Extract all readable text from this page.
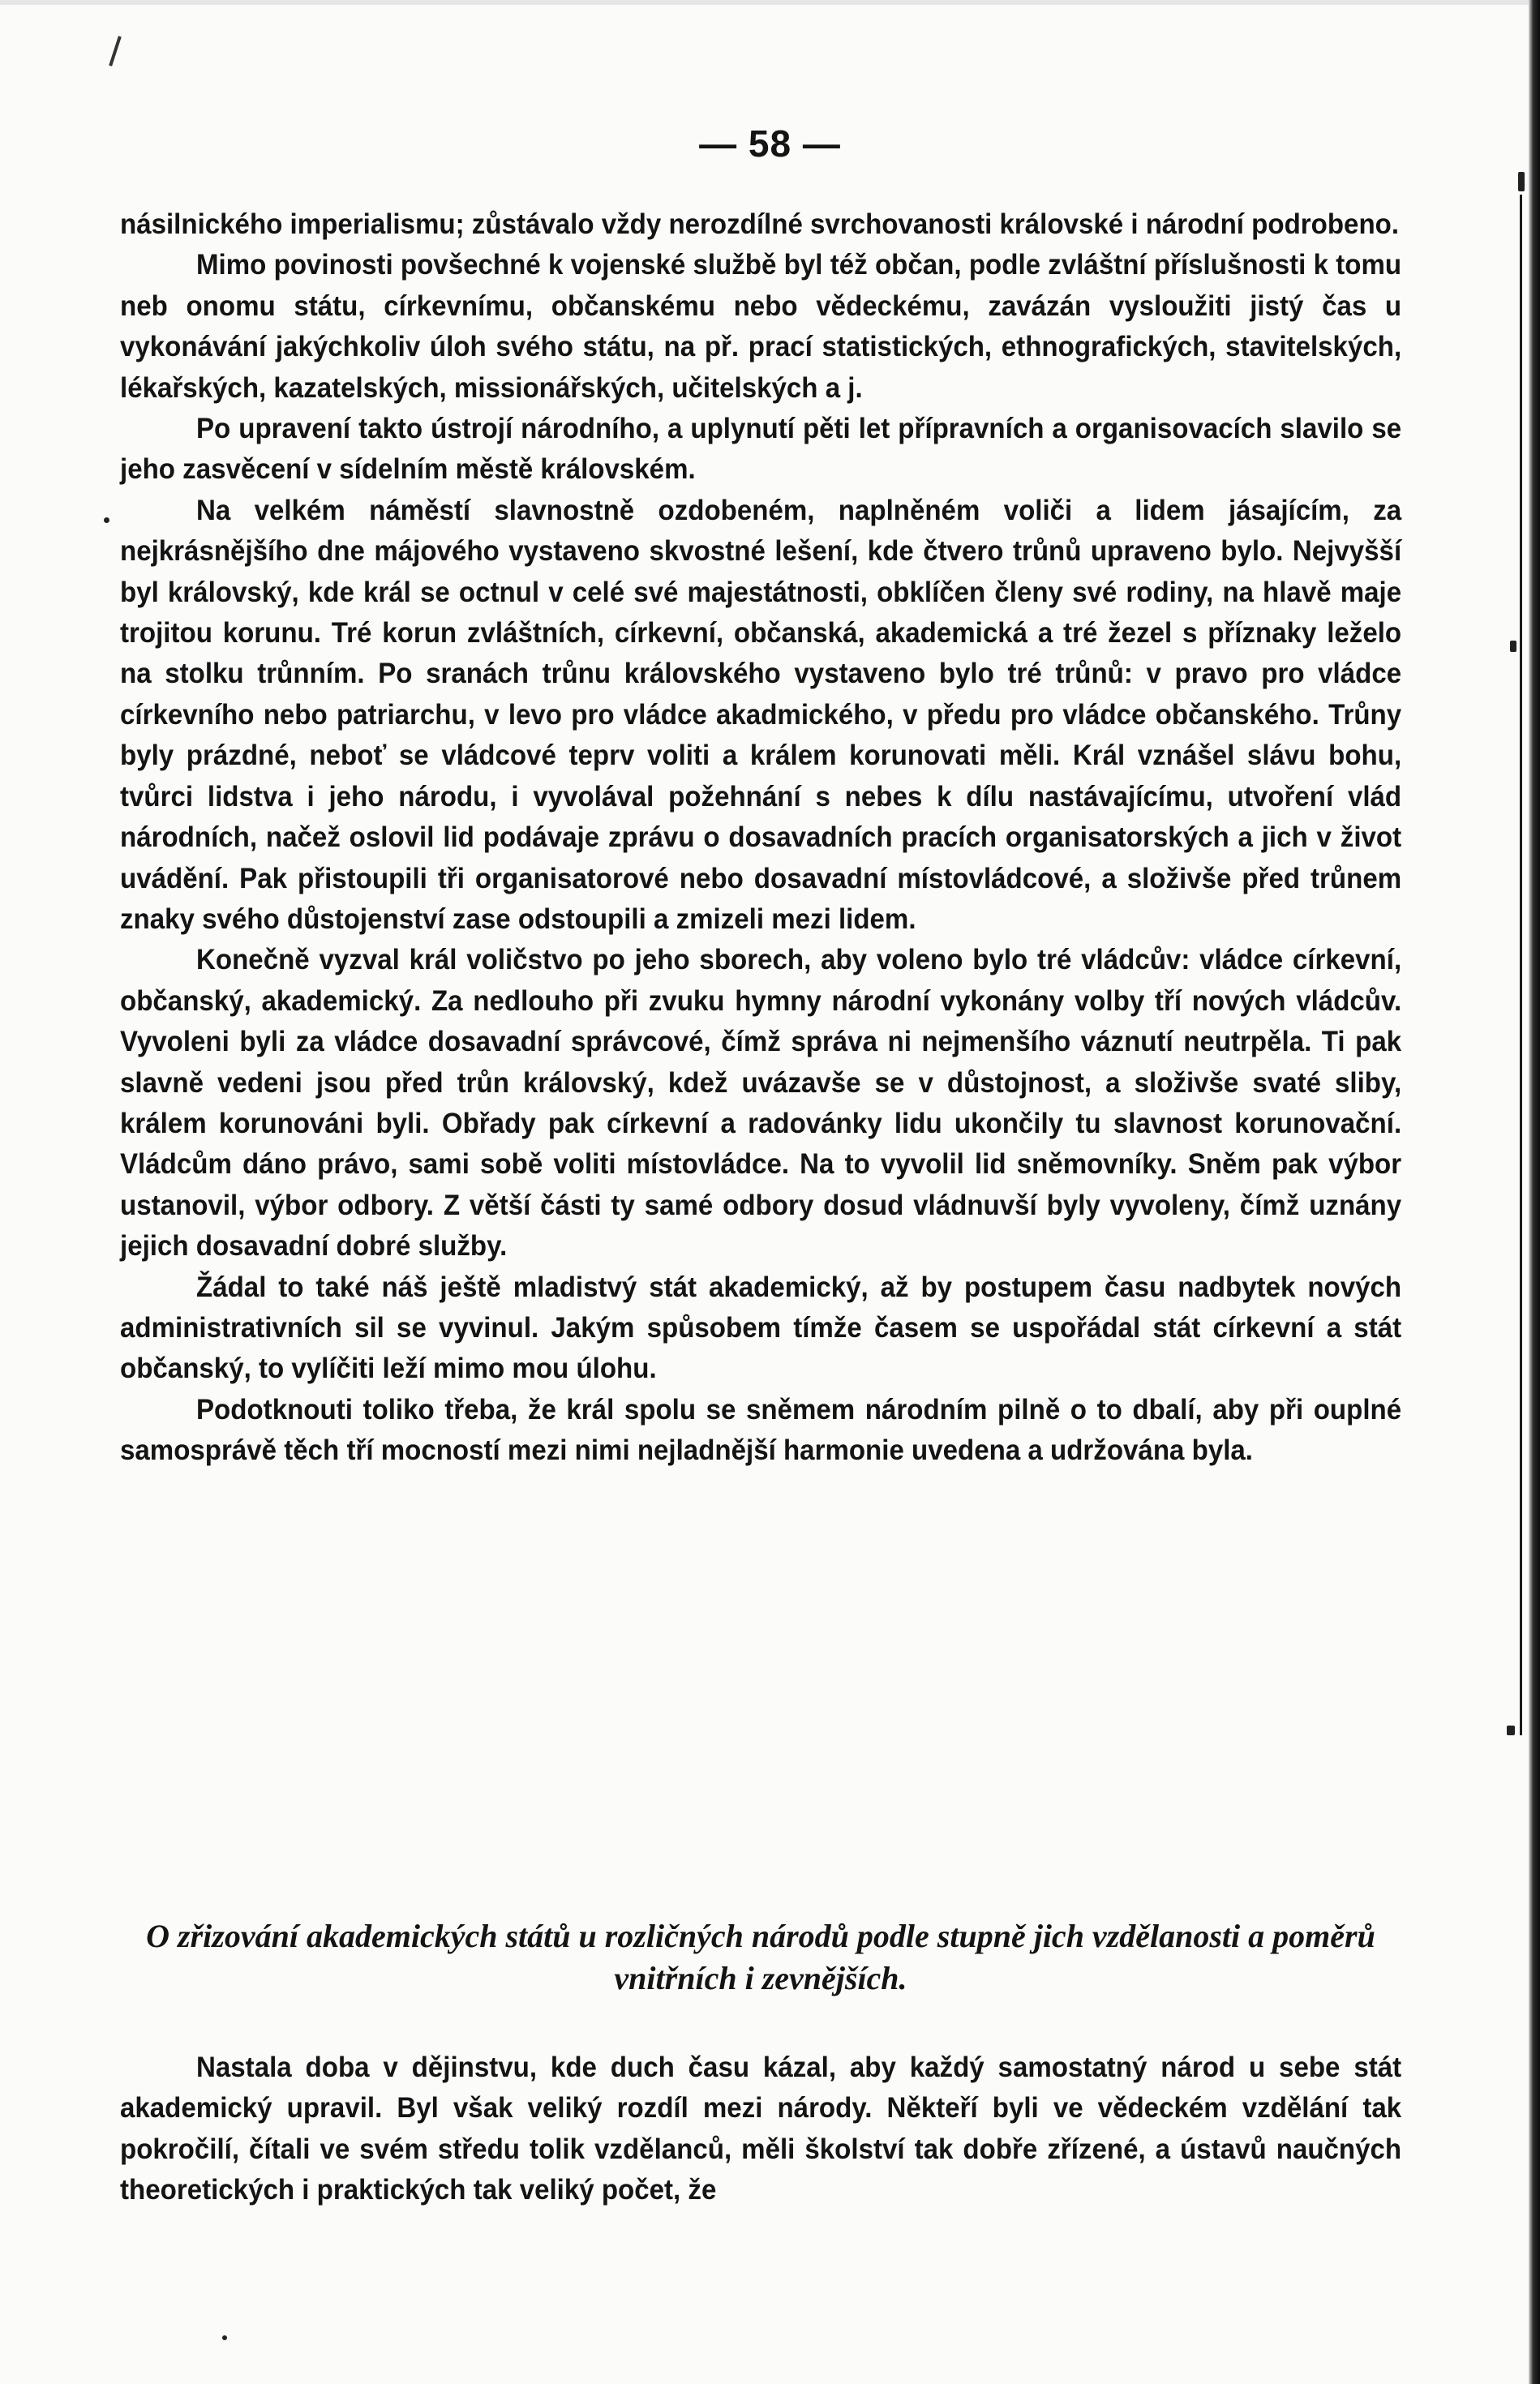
— 58 —

násilnického imperialismu; zůstávalo vždy nerozdílné svrchovanosti královské i národní podrobeno.

Mimo povinosti povšechné k vojenské službě byl též občan, podle zvláštní příslušnosti k tomu neb onomu státu, církevnímu, občanskému nebo vědeckému, zavázán vysloužiti jistý čas u vykonávání jakýchkoliv úloh svého státu, na př. prací statistických, ethnografických, stavitelských, lékařských, kazatelských, missionářských, učitelských a j.

Po upravení takto ústrojí národního, a uplynutí pěti let přípravních a organisovacích slavilo se jeho zasvěcení v sídelním městě královském.

Na velkém náměstí slavnostně ozdobeném, naplněném voliči a lidem jásajícím, za nejkrásnějšího dne májového vystaveno skvostné lešení, kde čtvero trůnů upraveno bylo. Nejvyšší byl královský, kde král se octnul v celé své majestátnosti, obklíčen členy své rodiny, na hlavě maje trojitou korunu. Tré korun zvláštních, církevní, občanská, akademická a tré žezel s příznaky leželo na stolku trůnním. Po sranách trůnu královského vystaveno bylo tré trůnů: v pravo pro vládce církevního nebo patriarchu, v levo pro vládce akadmického, v předu pro vládce občanského. Trůny byly prázdné, neboť se vládcové teprv voliti a králem korunovati měli. Král vznášel slávu bohu, tvůrci lidstva i jeho národu, i vyvolával požehnání s nebes k dílu nastávajícímu, utvoření vlád národních, načež oslovil lid podávaje zprávu o dosavadních pracích organisatorských a jich v život uvádění. Pak přistoupili tři organisatorové nebo dosavadní místovládcové, a složivše před trůnem znaky svého důstojenství zase odstoupili a zmizeli mezi lidem.

Konečně vyzval král voličstvo po jeho sborech, aby voleno bylo tré vládcův: vládce církevní, občanský, akademický. Za nedlouho při zvuku hymny národní vykonány volby tří nových vládcův. Vyvoleni byli za vládce dosavadní správcové, čímž správa ni nejmenšího váznutí neutrpěla. Ti pak slavně vedeni jsou před trůn královský, kdež uvázavše se v důstojnost, a složivše svaté sliby, králem korunováni byli. Obřady pak církevní a radovánky lidu ukončily tu slavnost korunovační. Vládcům dáno právo, sami sobě voliti místovládce. Na to vyvolil lid sněmovníky. Sněm pak výbor ustanovil, výbor odbory. Z větší části ty samé odbory dosud vládnuvší byly vyvoleny, čímž uznány jejich dosavadní dobré služby.

Žádal to také náš ještě mladistvý stát akademický, až by postupem času nadbytek nových administrativních sil se vyvinul. Jakým spůsobem tímže časem se uspořádal stát církevní a stát občanský, to vylíčiti leží mimo mou úlohu.

Podotknouti toliko třeba, že král spolu se sněmem národním pilně o to dbalí, aby při ouplné samosprávě těch tří mocností mezi nimi nejladnější harmonie uvedena a udržována byla.

O zřizování akademických států u rozličných národů podle stupně jich vzdělanosti a poměrů vnitřních i zevnějších.

Nastala doba v dějinstvu, kde duch času kázal, aby každý samostatný národ u sebe stát akademický upravil. Byl však veliký rozdíl mezi národy. Někteří byli ve vědeckém vzdělání tak pokročilí, čítali ve svém středu tolik vzdělanců, měli školství tak dobře zřízené, a ústavů naučných theoretických i praktických tak veliký počet, že
